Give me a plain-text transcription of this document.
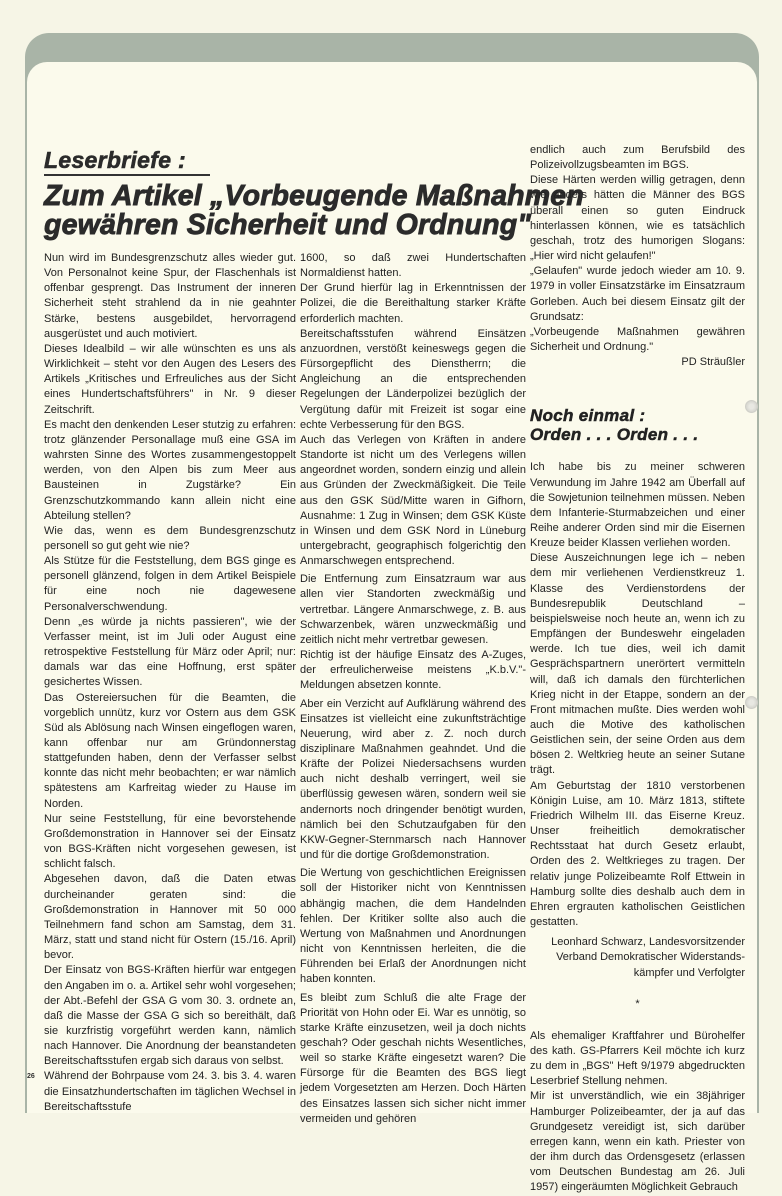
Leserbriefe :
Zum Artikel „Vorbeugende Maßnahmen
gewähren Sicherheit und Ordnung"

Nun wird im Bundesgrenzschutz alles wieder gut. Von Personalnot keine Spur, der Flaschenhals ist offenbar gesprengt. Das Instrument der inneren Sicherheit steht strahlend da in nie geahnter Stärke, bestens ausgebildet, hervorragend ausgerüstet und auch motiviert.

Dieses Idealbild – wir alle wünschten es uns als Wirklichkeit – steht vor den Augen des Lesers des Artikels „Kritisches und Erfreuliches aus der Sicht eines Hundertschaftsführers" in Nr. 9 dieser Zeitschrift.

Es macht den denkenden Leser stutzig zu erfahren: trotz glänzender Personallage muß eine GSA im wahrsten Sinne des Wortes zusammengestoppelt werden, von den Alpen bis zum Meer aus Bausteinen in Zugstärke? Ein Grenzschutzkommando kann allein nicht eine Abteilung stellen?

Wie das, wenn es dem Bundesgrenzschutz personell so gut geht wie nie?

Als Stütze für die Feststellung, dem BGS ginge es personell glänzend, folgen in dem Artikel Beispiele für eine noch nie dagewesene Personalverschwendung.

Denn „es würde ja nichts passieren", wie der Verfasser meint, ist im Juli oder August eine retrospektive Feststellung für März oder April; nur: damals war das eine Hoffnung, erst später gesichertes Wissen.

Das Ostereiersuchen für die Beamten, die vorgeblich unnütz, kurz vor Ostern aus dem GSK Süd als Ablösung nach Winsen eingeflogen waren, kann offenbar nur am Gründonnerstag stattgefunden haben, denn der Verfasser selbst konnte das nicht mehr beobachten; er war nämlich spätestens am Karfreitag wieder zu Hause im Norden.

Nur seine Feststellung, für eine bevorstehende Großdemonstration in Hannover sei der Einsatz von BGS-Kräften nicht vorgesehen gewesen, ist schlicht falsch.

Abgesehen davon, daß die Daten etwas durcheinander geraten sind: die Großdemonstration in Hannover mit 50 000 Teilnehmern fand schon am Samstag, dem 31. März, statt und stand nicht für Ostern (15./16. April) bevor.

Der Einsatz von BGS-Kräften hierfür war entgegen den Angaben im o. a. Artikel sehr wohl vorgesehen; der Abt.-Befehl der GSA G vom 30. 3. ordnete an, daß die Masse der GSA G sich so bereithält, daß sie kurzfristig vorgeführt werden kann, nämlich nach Hannover. Die Anordnung der beanstandeten Bereitschaftsstufen ergab sich daraus von selbst.

Während der Bohrpause vom 24. 3. bis 3. 4. waren die Einsatzhundertschaften im täglichen Wechsel in Bereitschaftsstufe

1600, so daß zwei Hundertschaften Normaldienst hatten.

Der Grund hierfür lag in Erkenntnissen der Polizei, die die Bereithaltung starker Kräfte erforderlich machten.

Bereitschaftsstufen während Einsätzen anzuordnen, verstößt keineswegs gegen die Fürsorgepflicht des Dienstherrn; die Angleichung an die entsprechenden Regelungen der Länderpolizei bezüglich der Vergütung dafür mit Freizeit ist sogar eine echte Verbesserung für den BGS.

Auch das Verlegen von Kräften in andere Standorte ist nicht um des Verlegens willen angeordnet worden, sondern einzig und allein aus Gründen der Zweckmäßigkeit. Die Teile aus den GSK Süd/Mitte waren in Gifhorn, Ausnahme: 1 Zug in Winsen; dem GSK Küste in Winsen und dem GSK Nord in Lüneburg untergebracht, geographisch folgerichtig den Anmarschwegen entsprechend.

Die Entfernung zum Einsatzraum war aus allen vier Standorten zweckmäßig und vertretbar. Längere Anmarschwege, z. B. aus Schwarzenbek, wären unzweckmäßig und zeitlich nicht mehr vertretbar gewesen.

Richtig ist der häufige Einsatz des A-Zuges, der erfreulicherweise meistens „K.b.V."-Meldungen absetzen konnte.

Aber ein Verzicht auf Aufklärung während des Einsatzes ist vielleicht eine zukunftsträchtige Neuerung, wird aber z. Z. noch durch disziplinare Maßnahmen geahndet. Und die Kräfte der Polizei Niedersachsens wurden auch nicht deshalb verringert, weil sie überflüssig gewesen wären, sondern weil sie andernorts noch dringender benötigt wurden, nämlich bei den Schutzaufgaben für den KKW-Gegner-Sternmarsch nach Hannover und für die dortige Großdemonstration.

Die Wertung von geschichtlichen Ereignissen soll der Historiker nicht von Kenntnissen abhängig machen, die dem Handelnden fehlen. Der Kritiker sollte also auch die Wertung von Maßnahmen und Anordnungen nicht von Kenntnissen herleiten, die die Führenden bei Erlaß der Anordnungen nicht haben konnten.

Es bleibt zum Schluß die alte Frage der Priorität von Hohn oder Ei. War es unnötig, so starke Kräfte einzusetzen, weil ja doch nichts geschah? Oder geschah nichts Wesentliches, weil so starke Kräfte eingesetzt waren? Die Fürsorge für die Beamten des BGS liegt jedem Vorgesetzten am Herzen. Doch Härten des Einsatzes lassen sich sicher nicht immer vermeiden und gehören

endlich auch zum Berufsbild des Polizeivollzugsbeamten im BGS.

Diese Härten werden willig getragen, denn wie anders hätten die Männer des BGS überall einen so guten Eindruck hinterlassen können, wie es tatsächlich geschah, trotz des humorigen Slogans: „Hier wird nicht gelaufen!"

„Gelaufen" wurde jedoch wieder am 10. 9. 1979 in voller Einsatzstärke im Einsatzraum Gorleben. Auch bei diesem Einsatz gilt der Grundsatz:

„Vorbeugende Maßnahmen gewähren Sicherheit und Ordnung."

PD Sträußler

Noch einmal :
Orden . . . Orden . . .

Ich habe bis zu meiner schweren Verwundung im Jahre 1942 am Überfall auf die Sowjetunion teilnehmen müssen. Neben dem Infanterie-Sturmabzeichen und einer Reihe anderer Orden sind mir die Eisernen Kreuze beider Klassen verliehen worden.

Diese Auszeichnungen lege ich – neben dem mir verliehenen Verdienstkreuz 1. Klasse des Verdienstordens der Bundesrepublik Deutschland – beispielsweise noch heute an, wenn ich zu Empfängen der Bundeswehr eingeladen werde. Ich tue dies, weil ich damit Gesprächspartnern unerörtert vermitteln will, daß ich damals den fürchterlichen Krieg nicht in der Etappe, sondern an der Front mitmachen mußte. Dies werden wohl auch die Motive des katholischen Geistlichen sein, der seine Orden aus dem bösen 2. Weltkrieg heute an seiner Sutane trägt.

Am Geburtstag der 1810 verstorbenen Königin Luise, am 10. März 1813, stiftete Friedrich Wilhelm III. das Eiserne Kreuz. Unser freiheitlich demokratischer Rechtsstaat hat durch Gesetz erlaubt, Orden des 2. Weltkrieges zu tragen. Der relativ junge Polizeibeamte Rolf Ettwein in Hamburg sollte dies deshalb auch dem in Ehren ergrauten katholischen Geistlichen gestatten.

Leonhard Schwarz, Landesvorsitzender
Verband Demokratischer Widerstands-
kämpfer und Verfolgter
*

Als ehemaliger Kraftfahrer und Bürohelfer des kath. GS-Pfarrers Keil möchte ich kurz zu dem in „BGS" Heft 9/1979 abgedruckten Leserbrief Stellung nehmen.

Mir ist unverständlich, wie ein 38jähriger Hamburger Polizeibeamter, der ja auf das Grundgesetz vereidigt ist, sich darüber erregen kann, wenn ein kath. Priester von der ihm durch das Ordensgesetz (erlassen vom Deutschen Bundestag am 26. Juli 1957) eingeräumten Möglichkeit Gebrauch

26
